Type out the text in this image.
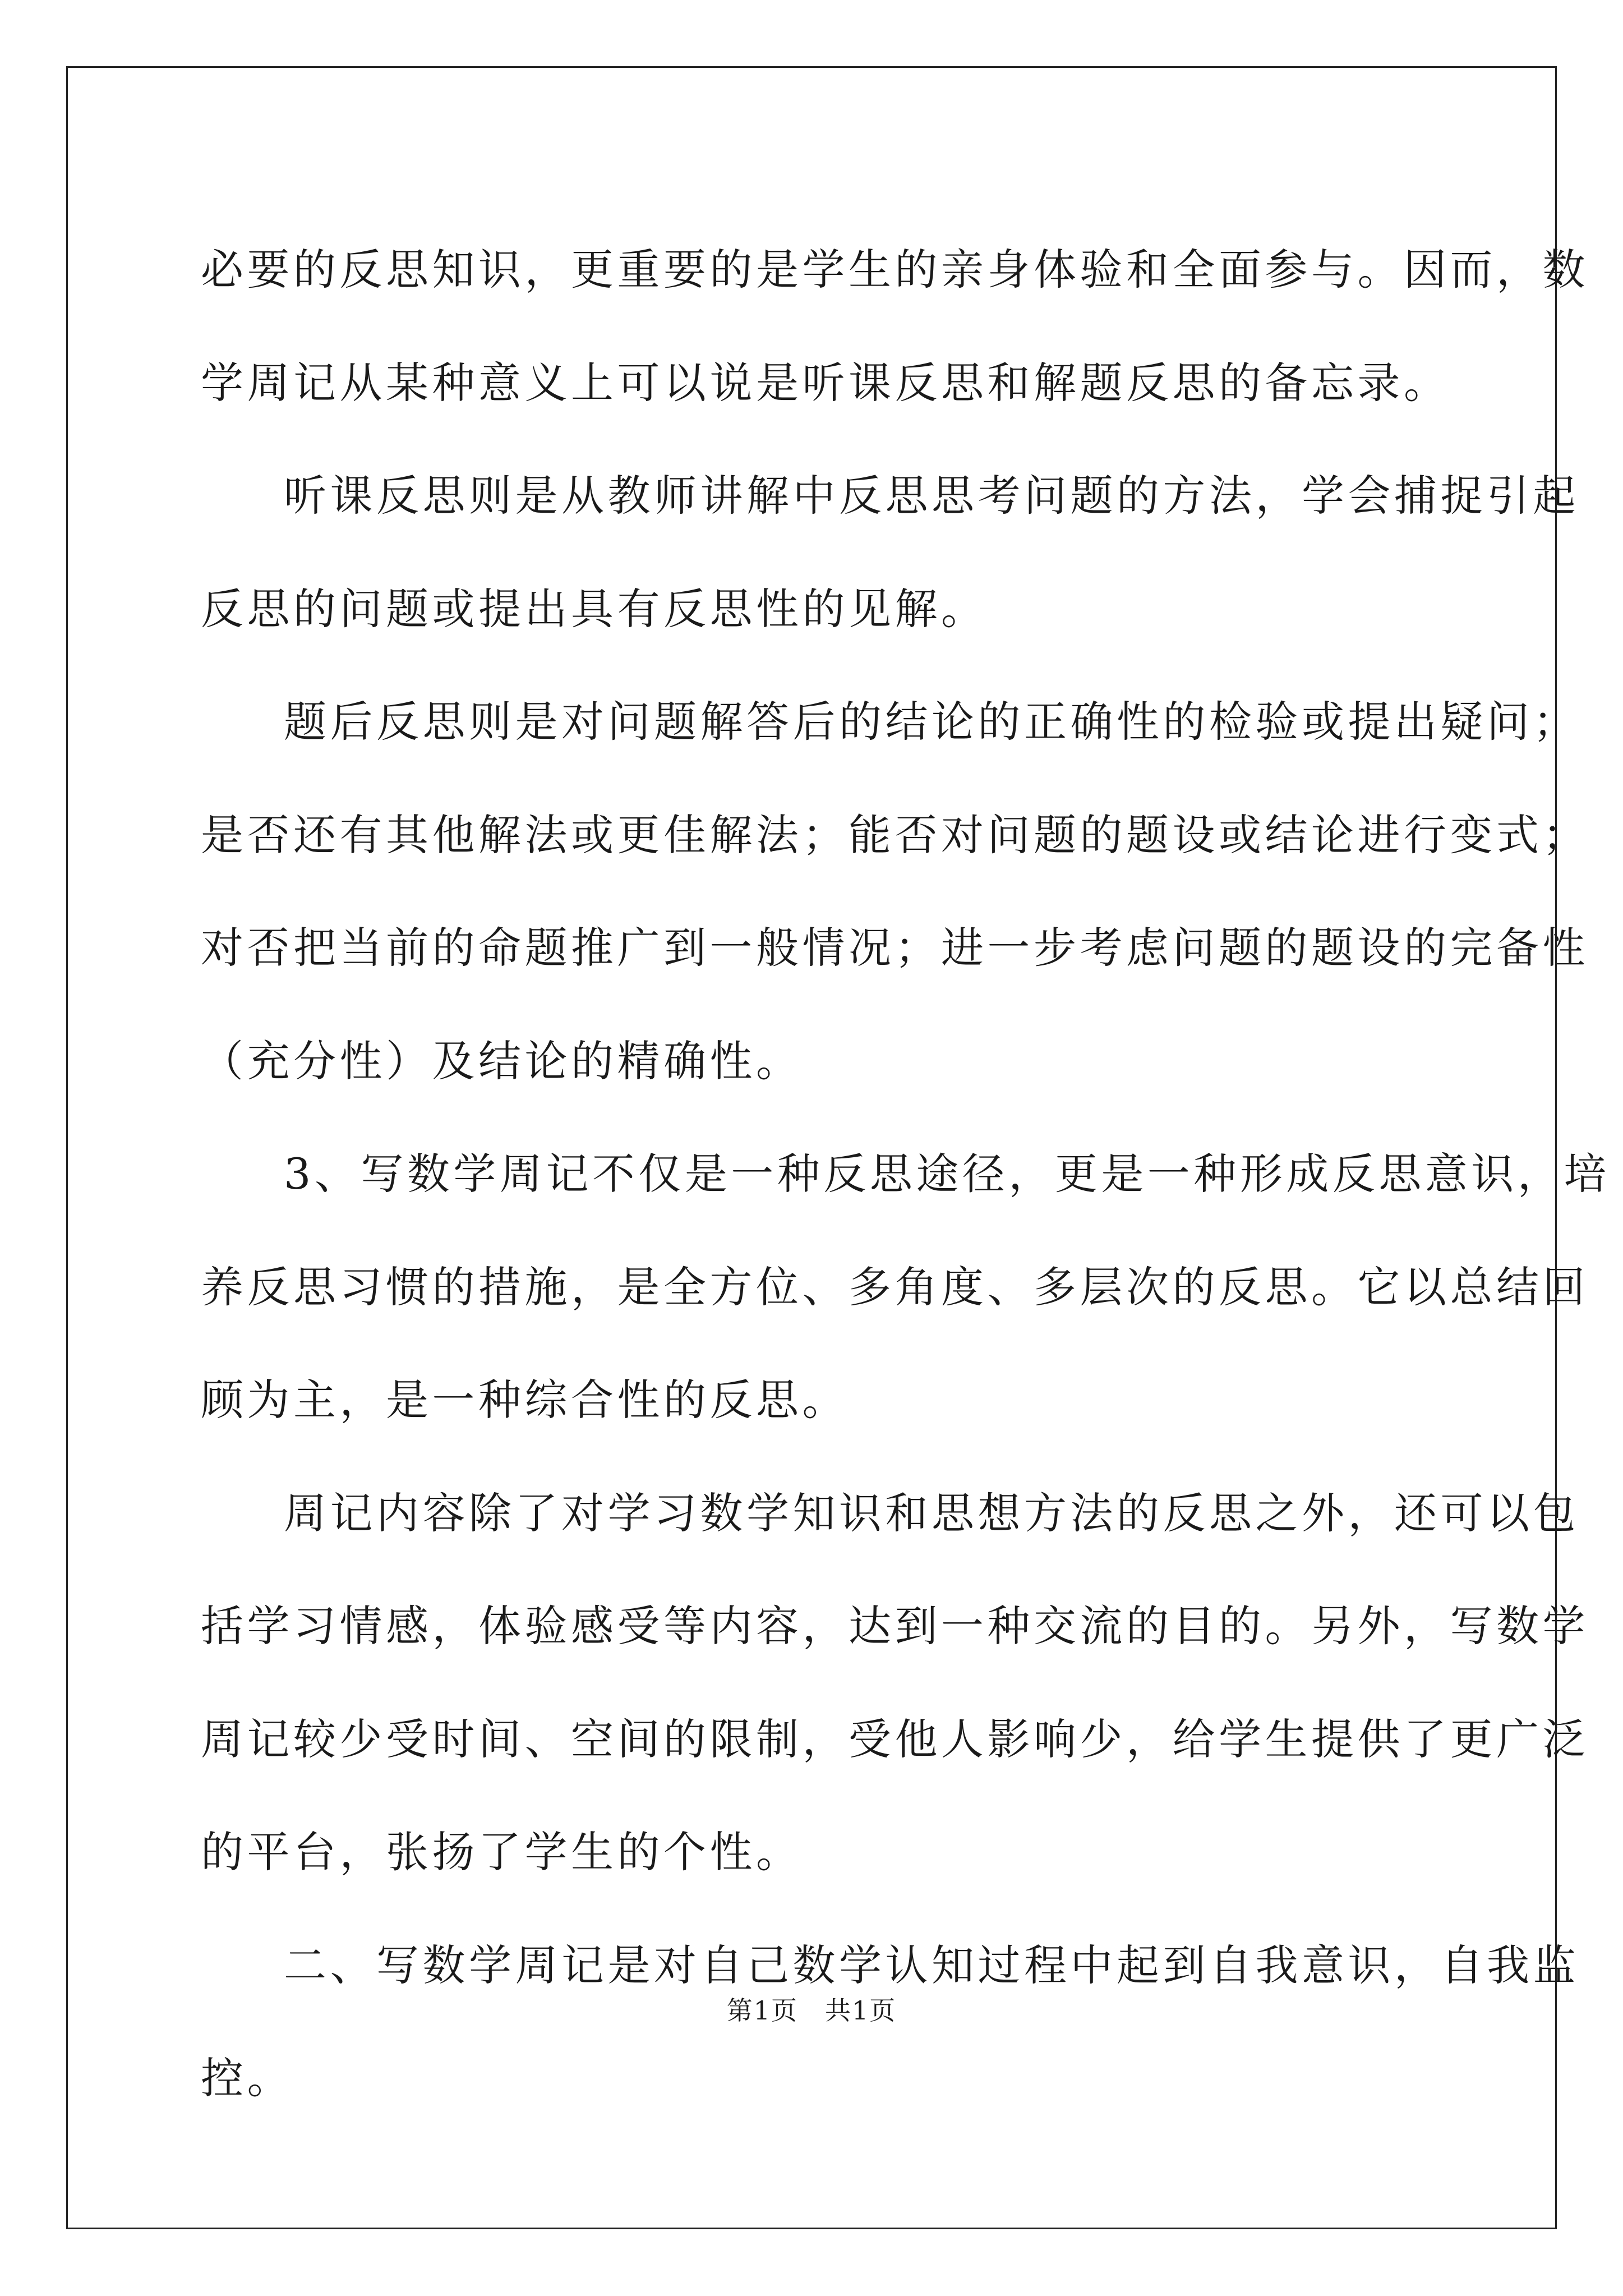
必要的反思知识，更重要的是学生的亲身体验和全面参与。因而，数
学周记从某种意义上可以说是听课反思和解题反思的备忘录。
听课反思则是从教师讲解中反思思考问题的方法，学会捕捉引起
反思的问题或提出具有反思性的见解。
题后反思则是对问题解答后的结论的正确性的检验或提出疑问；
是否还有其他解法或更佳解法；能否对问题的题设或结论进行变式；
对否把当前的命题推广到一般情况；进一步考虑问题的题设的完备性
（充分性）及结论的精确性。
3、写数学周记不仅是一种反思途径，更是一种形成反思意识，培
养反思习惯的措施，是全方位、多角度、多层次的反思。它以总结回
顾为主，是一种综合性的反思。
周记内容除了对学习数学知识和思想方法的反思之外，还可以包
括学习情感，体验感受等内容，达到一种交流的目的。另外，写数学
周记较少受时间、空间的限制，受他人影响少，给学生提供了更广泛
的平台，张扬了学生的个性。
二、写数学周记是对自己数学认知过程中起到自我意识，自我监
控。
第1页　共1页
